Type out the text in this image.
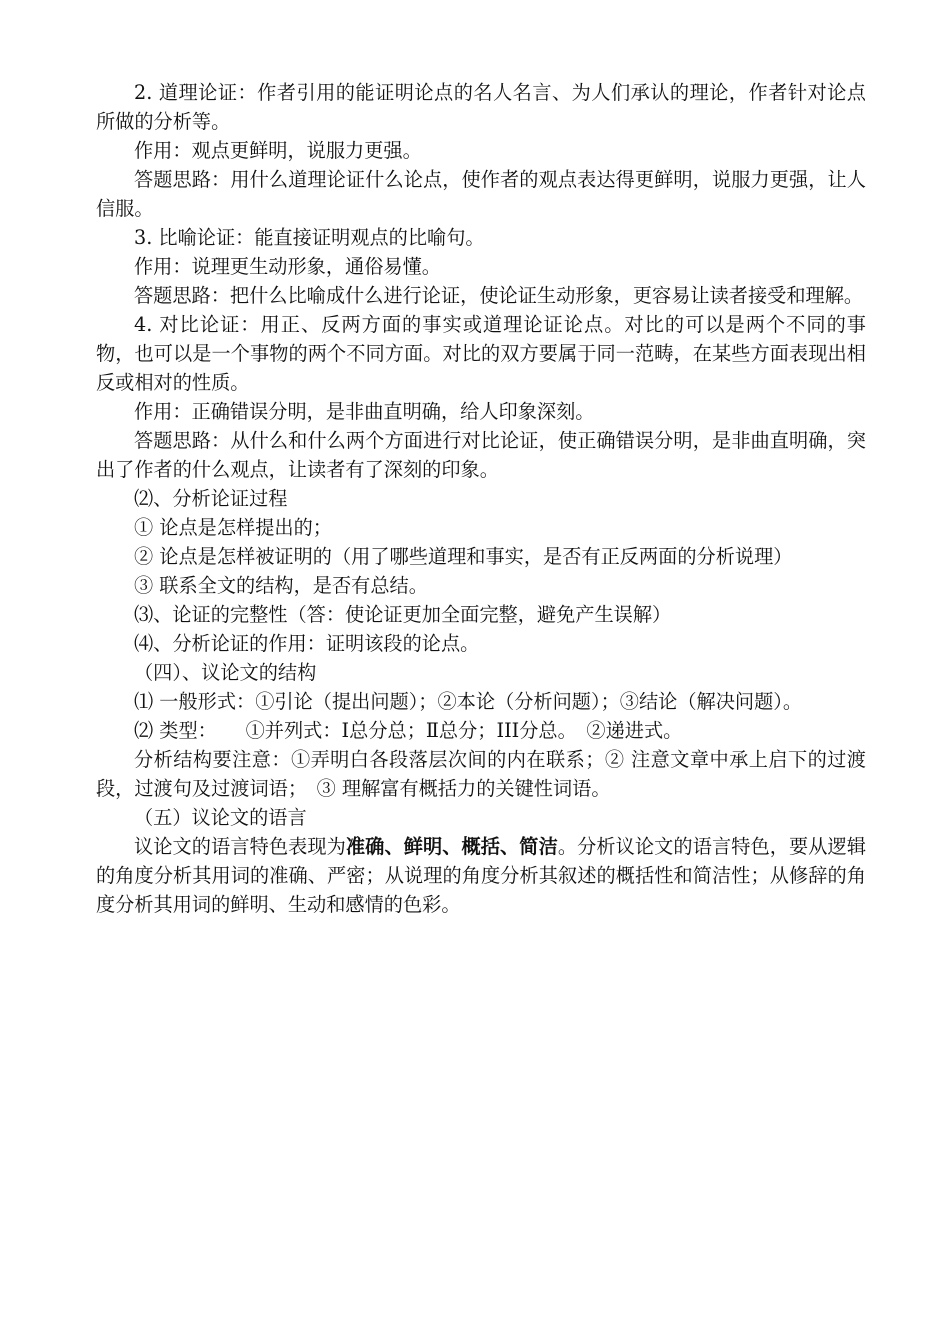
2. 道理论证：作者引用的能证明论点的名人名言、为人们承认的理论，作者针对论点所做的分析等。

作用：观点更鲜明，说服力更强。

答题思路：用什么道理论证什么论点，使作者的观点表达得更鲜明，说服力更强，让人信服。

3. 比喻论证：能直接证明观点的比喻句。

作用：说理更生动形象，通俗易懂。

答题思路：把什么比喻成什么进行论证，使论证生动形象，更容易让读者接受和理解。

4. 对比论证：用正、反两方面的事实或道理论证论点。对比的可以是两个不同的事物，也可以是一个事物的两个不同方面。对比的双方要属于同一范畴，在某些方面表现出相反或相对的性质。

作用：正确错误分明，是非曲直明确，给人印象深刻。

答题思路：从什么和什么两个方面进行对比论证，使正确错误分明，是非曲直明确，突出了作者的什么观点，让读者有了深刻的印象。

⑵、分析论证过程

① 论点是怎样提出的；

② 论点是怎样被证明的（用了哪些道理和事实，是否有正反两面的分析说理）

③ 联系全文的结构，是否有总结。

⑶、论证的完整性（答：使论证更加全面完整，避免产生误解）

⑷、分析论证的作用：证明该段的论点。

（四）、议论文的结构

⑴ 一般形式：①引论（提出问题）；②本论（分析问题）；③结论（解决问题）。

⑵ 类型：　　①并列式：Ⅰ总分总；Ⅱ总分；III分总。　②递进式。

分析结构要注意：①弄明白各段落层次间的内在联系；② 注意文章中承上启下的过渡段，过渡句及过渡词语；　③ 理解富有概括力的关键性词语。

（五）议论文的语言

议论文的语言特色表现为准确、鲜明、概括、简洁。分析议论文的语言特色，要从逻辑的角度分析其用词的准确、严密；从说理的角度分析其叙述的概括性和简洁性；从修辞的角度分析其用词的鲜明、生动和感情的色彩。
